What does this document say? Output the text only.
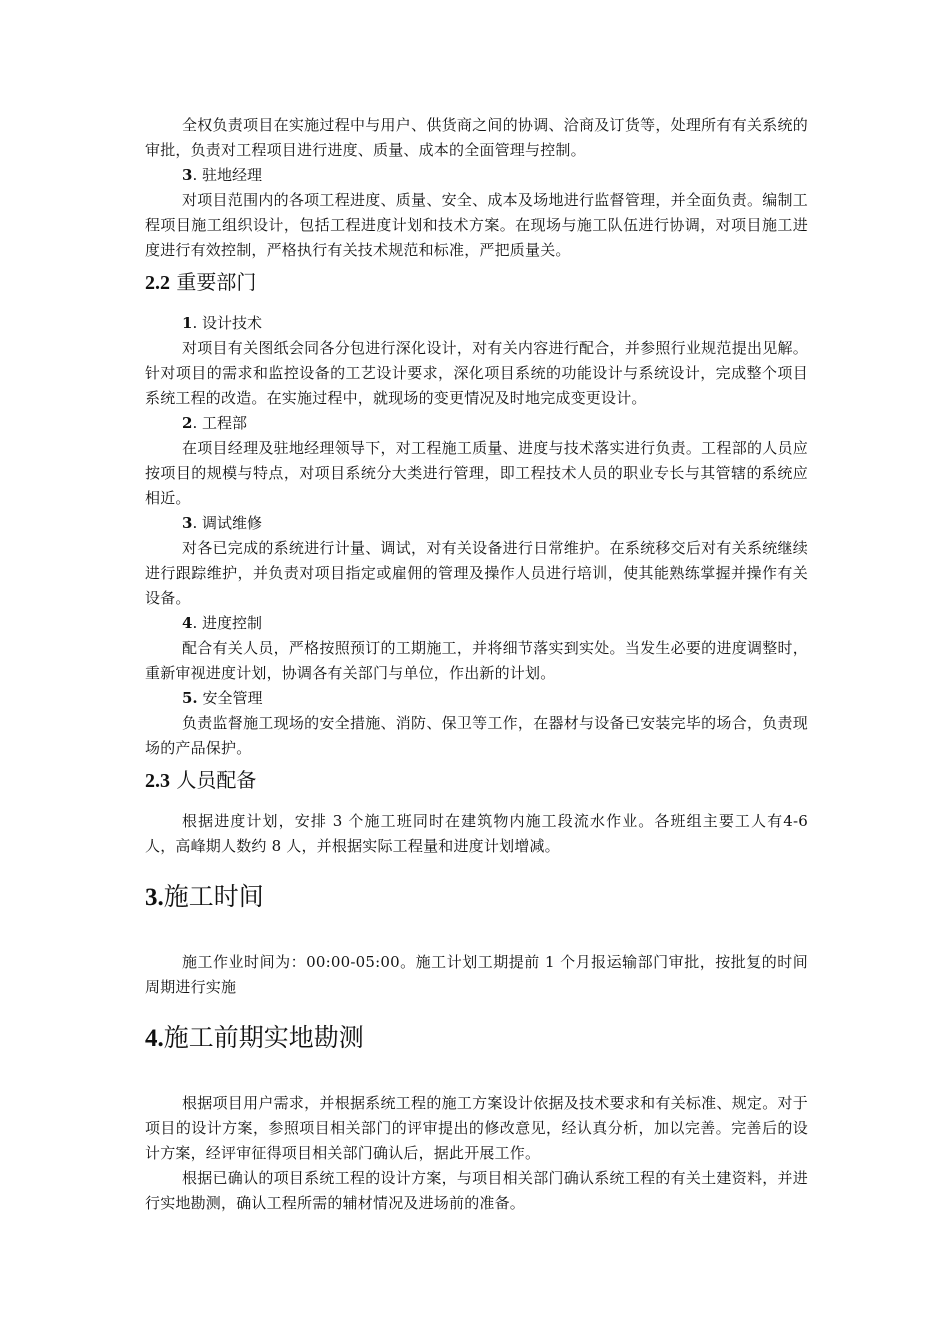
全权负责项目在实施过程中与用户、供货商之间的协调、洽商及订货等，处理所有有关系统的审批，负责对工程项目进行进度、质量、成本的全面管理与控制。

3. 驻地经理

对项目范围内的各项工程进度、质量、安全、成本及场地进行监督管理，并全面负责。编制工程项目施工组织设计，包括工程进度计划和技术方案。在现场与施工队伍进行协调，对项目施工进度进行有效控制，严格执行有关技术规范和标准，严把质量关。

2.2 重要部门

1. 设计技术

对项目有关图纸会同各分包进行深化设计，对有关内容进行配合，并参照行业规范提出见解。针对项目的需求和监控设备的工艺设计要求，深化项目系统的功能设计与系统设计，完成整个项目系统工程的改造。在实施过程中，就现场的变更情况及时地完成变更设计。

2. 工程部

在项目经理及驻地经理领导下，对工程施工质量、进度与技术落实进行负责。工程部的人员应按项目的规模与特点，对项目系统分大类进行管理，即工程技术人员的职业专长与其管辖的系统应相近。

3. 调试维修

对各已完成的系统进行计量、调试，对有关设备进行日常维护。在系统移交后对有关系统继续进行跟踪维护，并负责对项目指定或雇佣的管理及操作人员进行培训，使其能熟练掌握并操作有关设备。

4. 进度控制

配合有关人员，严格按照预订的工期施工，并将细节落实到实处。当发生必要的进度调整时，重新审视进度计划，协调各有关部门与单位，作出新的计划。

5. 安全管理

负责监督施工现场的安全措施、消防、保卫等工作，在器材与设备已安装完毕的场合，负责现场的产品保护。

2.3 人员配备

根据进度计划，安排 3 个施工班同时在建筑物内施工段流水作业。各班组主要工人有4-6 人，高峰期人数约 8 人，并根据实际工程量和进度计划增减。

3.施工时间

施工作业时间为：00:00-05:00。施工计划工期提前 1 个月报运输部门审批，按批复的时间周期进行实施

4.施工前期实地勘测

根据项目用户需求，并根据系统工程的施工方案设计依据及技术要求和有关标准、规定。对于项目的设计方案，参照项目相关部门的评审提出的修改意见，经认真分析，加以完善。完善后的设计方案，经评审征得项目相关部门确认后，据此开展工作。

根据已确认的项目系统工程的设计方案，与项目相关部门确认系统工程的有关土建资料，并进行实地勘测，确认工程所需的辅材情况及进场前的准备。
